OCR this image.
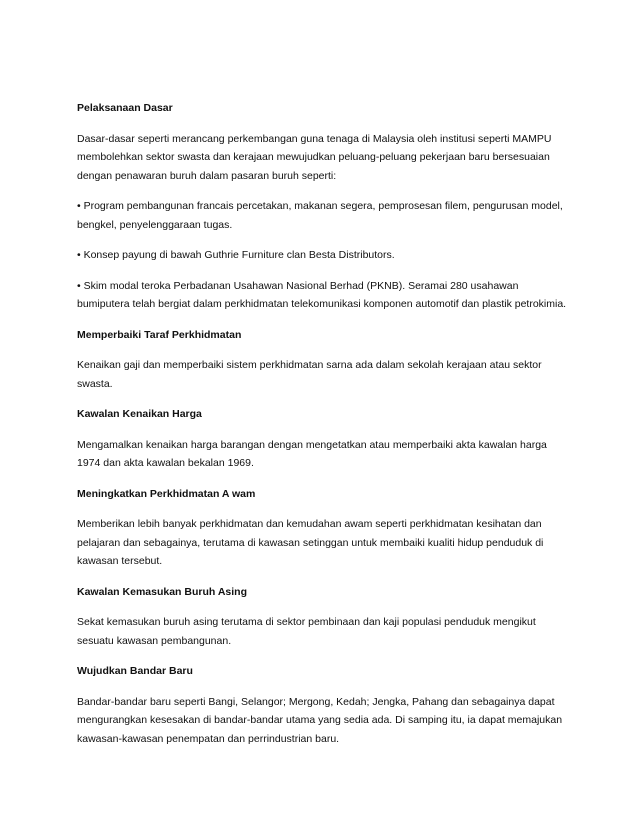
Pelaksanaan Dasar

Dasar-dasar seperti merancang perkembangan guna tenaga di Malaysia oleh institusi seperti MAMPU membolehkan sektor swasta dan kerajaan mewujudkan peluang-peluang pekerjaan baru bersesuaian dengan penawaran buruh dalam pasaran buruh seperti:

• Program pembangunan francais percetakan, makanan segera, pemprosesan filem, pengurusan model, bengkel, penyelenggaraan tugas.

• Konsep payung di bawah Guthrie Furniture clan Besta Distributors.

• Skim modal teroka Perbadanan Usahawan Nasional Berhad (PKNB). Seramai 280 usahawan bumiputera telah bergiat dalam perkhidmatan telekomunikasi komponen automotif dan plastik petrokimia.

Memperbaiki Taraf Perkhidmatan

Kenaikan gaji dan memperbaiki sistem perkhidmatan sarna ada dalam sekolah kerajaan atau sektor swasta.

Kawalan Kenaikan Harga

Mengamalkan kenaikan harga barangan dengan mengetatkan atau memperbaiki akta kawalan harga 1974 dan akta kawalan bekalan 1969.

Meningkatkan Perkhidmatan A wam

Memberikan lebih banyak perkhidmatan dan kemudahan awam seperti perkhidmatan kesihatan dan pelajaran dan sebagainya, terutama di kawasan setinggan untuk membaiki kualiti hidup penduduk di kawasan tersebut.

Kawalan Kemasukan Buruh Asing

Sekat kemasukan buruh asing terutama di sektor pembinaan dan kaji populasi penduduk mengikut sesuatu kawasan pembangunan.

Wujudkan Bandar Baru

Bandar-bandar baru seperti Bangi, Selangor; Mergong, Kedah; Jengka, Pahang dan sebagainya dapat mengurangkan kesesakan di bandar-bandar utama yang sedia ada. Di samping itu, ia dapat memajukan kawasan-kawasan penempatan dan perrindustrian baru.
